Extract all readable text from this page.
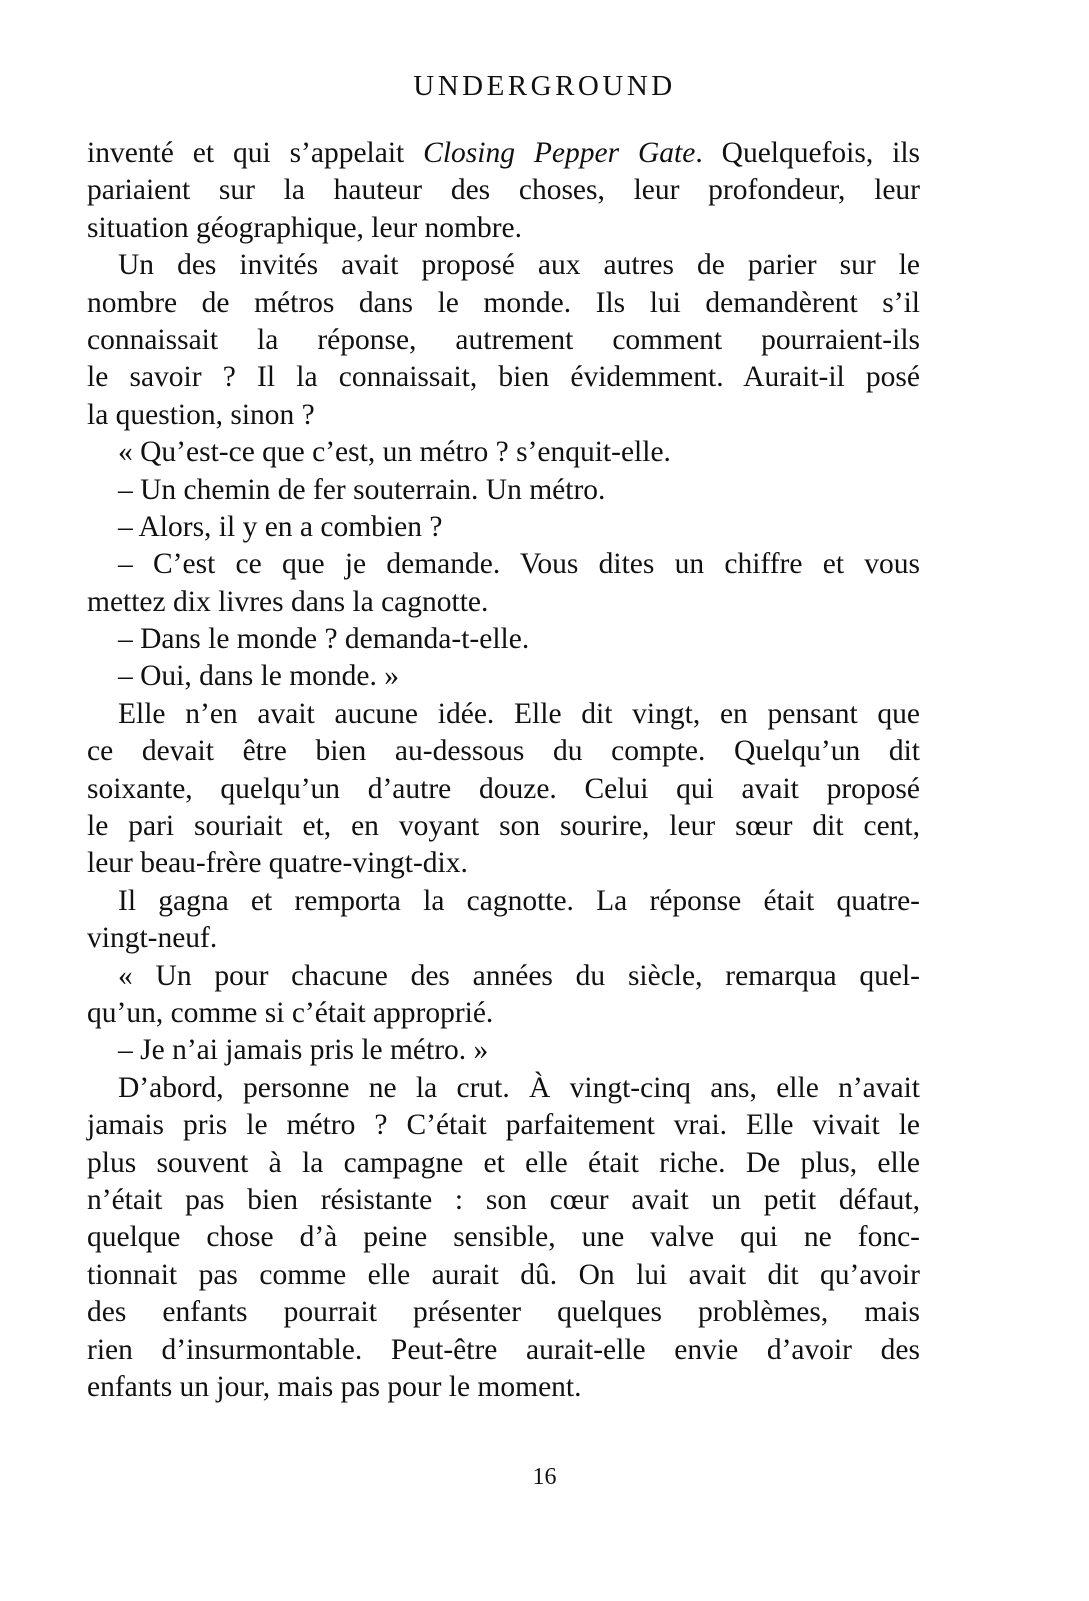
UNDERGROUND
inventé et qui s’appelait Closing Pepper Gate. Quelquefois, ils
pariaient sur la hauteur des choses, leur profondeur, leur
situation géographique, leur nombre.
Un des invités avait proposé aux autres de parier sur le
nombre de métros dans le monde. Ils lui demandèrent s’il
connaissait la réponse, autrement comment pourraient-ils
le savoir ? Il la connaissait, bien évidemment. Aurait-il posé
la question, sinon ?
« Qu’est-ce que c’est, un métro ? s’enquit-elle.
– Un chemin de fer souterrain. Un métro.
– Alors, il y en a combien ?
– C’est ce que je demande. Vous dites un chiffre et vous
mettez dix livres dans la cagnotte.
– Dans le monde ? demanda-t-elle.
– Oui, dans le monde. »
Elle n’en avait aucune idée. Elle dit vingt, en pensant que
ce devait être bien au-dessous du compte. Quelqu’un dit
soixante, quelqu’un d’autre douze. Celui qui avait proposé
le pari souriait et, en voyant son sourire, leur sœur dit cent,
leur beau-frère quatre-vingt-dix.
Il gagna et remporta la cagnotte. La réponse était quatre-
vingt-neuf.
« Un pour chacune des années du siècle, remarqua quel-
qu’un, comme si c’était approprié.
– Je n’ai jamais pris le métro. »
D’abord, personne ne la crut. À vingt-cinq ans, elle n’avait
jamais pris le métro ? C’était parfaitement vrai. Elle vivait le
plus souvent à la campagne et elle était riche. De plus, elle
n’était pas bien résistante : son cœur avait un petit défaut,
quelque chose d’à peine sensible, une valve qui ne fonc-
tionnait pas comme elle aurait dû. On lui avait dit qu’avoir
des enfants pourrait présenter quelques problèmes, mais
rien d’insurmontable. Peut-être aurait-elle envie d’avoir des
enfants un jour, mais pas pour le moment.
16
